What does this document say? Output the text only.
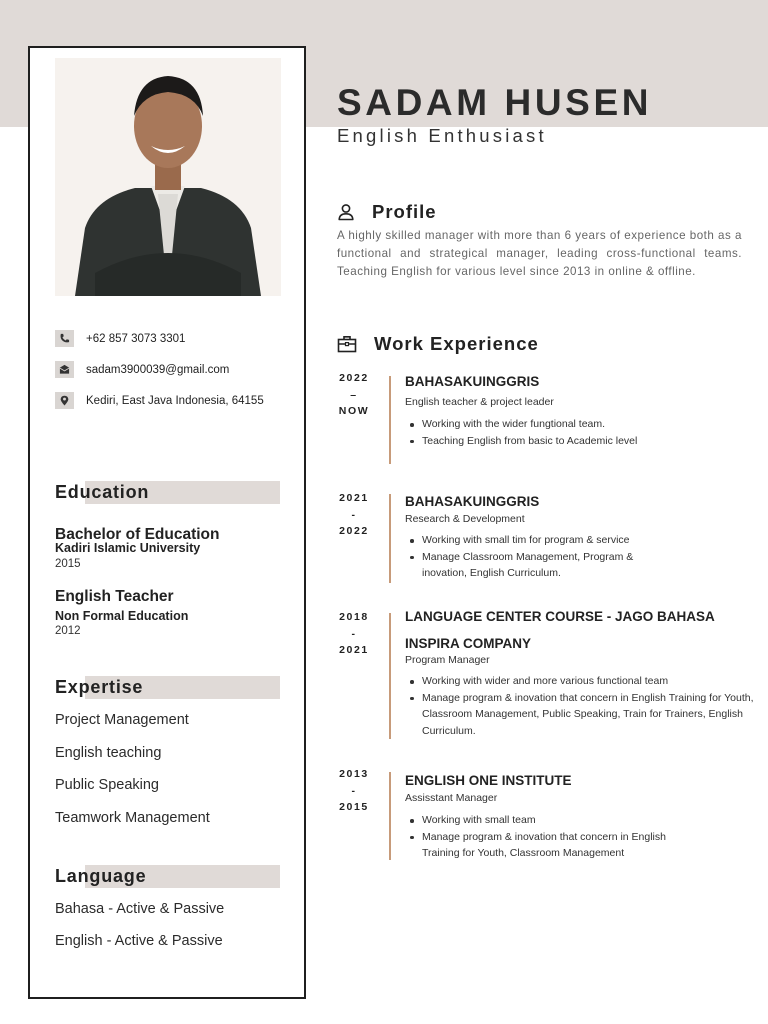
+62 857 3073 3301
sadam3900039@gmail.com
Kediri, East Java Indonesia, 64155
Education
Bachelor of Education
Kadiri Islamic University
2015
English Teacher
Non Formal Education
2012
Expertise
Project Management
English teaching
Public Speaking
Teamwork Management
Language
Bahasa - Active & Passive
English - Active & Passive
SADAM HUSEN
English Enthusiast
Profile
A highly skilled manager with more than 6 years of experience both as a functional and strategical manager, leading cross-functional teams. Teaching English for various level since 2013 in online & offline.
Work Experience
2022
–
NOW
BAHASAKUINGGRIS
English teacher & project leader
Working with the wider fungtional team.
Teaching English from basic to Academic level
2021
-
2022
BAHASAKUINGGRIS
Research & Development
Working with small tim for program & service
Manage Classroom Management, Program & inovation, English Curriculum.
2018
-
2021
LANGUAGE CENTER COURSE - JAGO BAHASA INSPIRA COMPANY
Program Manager
Working with wider and more various functional team
Manage program & inovation that concern in English Training for Youth, Classroom Management, Public Speaking, Train for Trainers, English Curriculum.
2013
-
2015
ENGLISH ONE INSTITUTE
Assisstant Manager
Working with small team
Manage program & inovation that concern in English Training for Youth, Classroom Management
